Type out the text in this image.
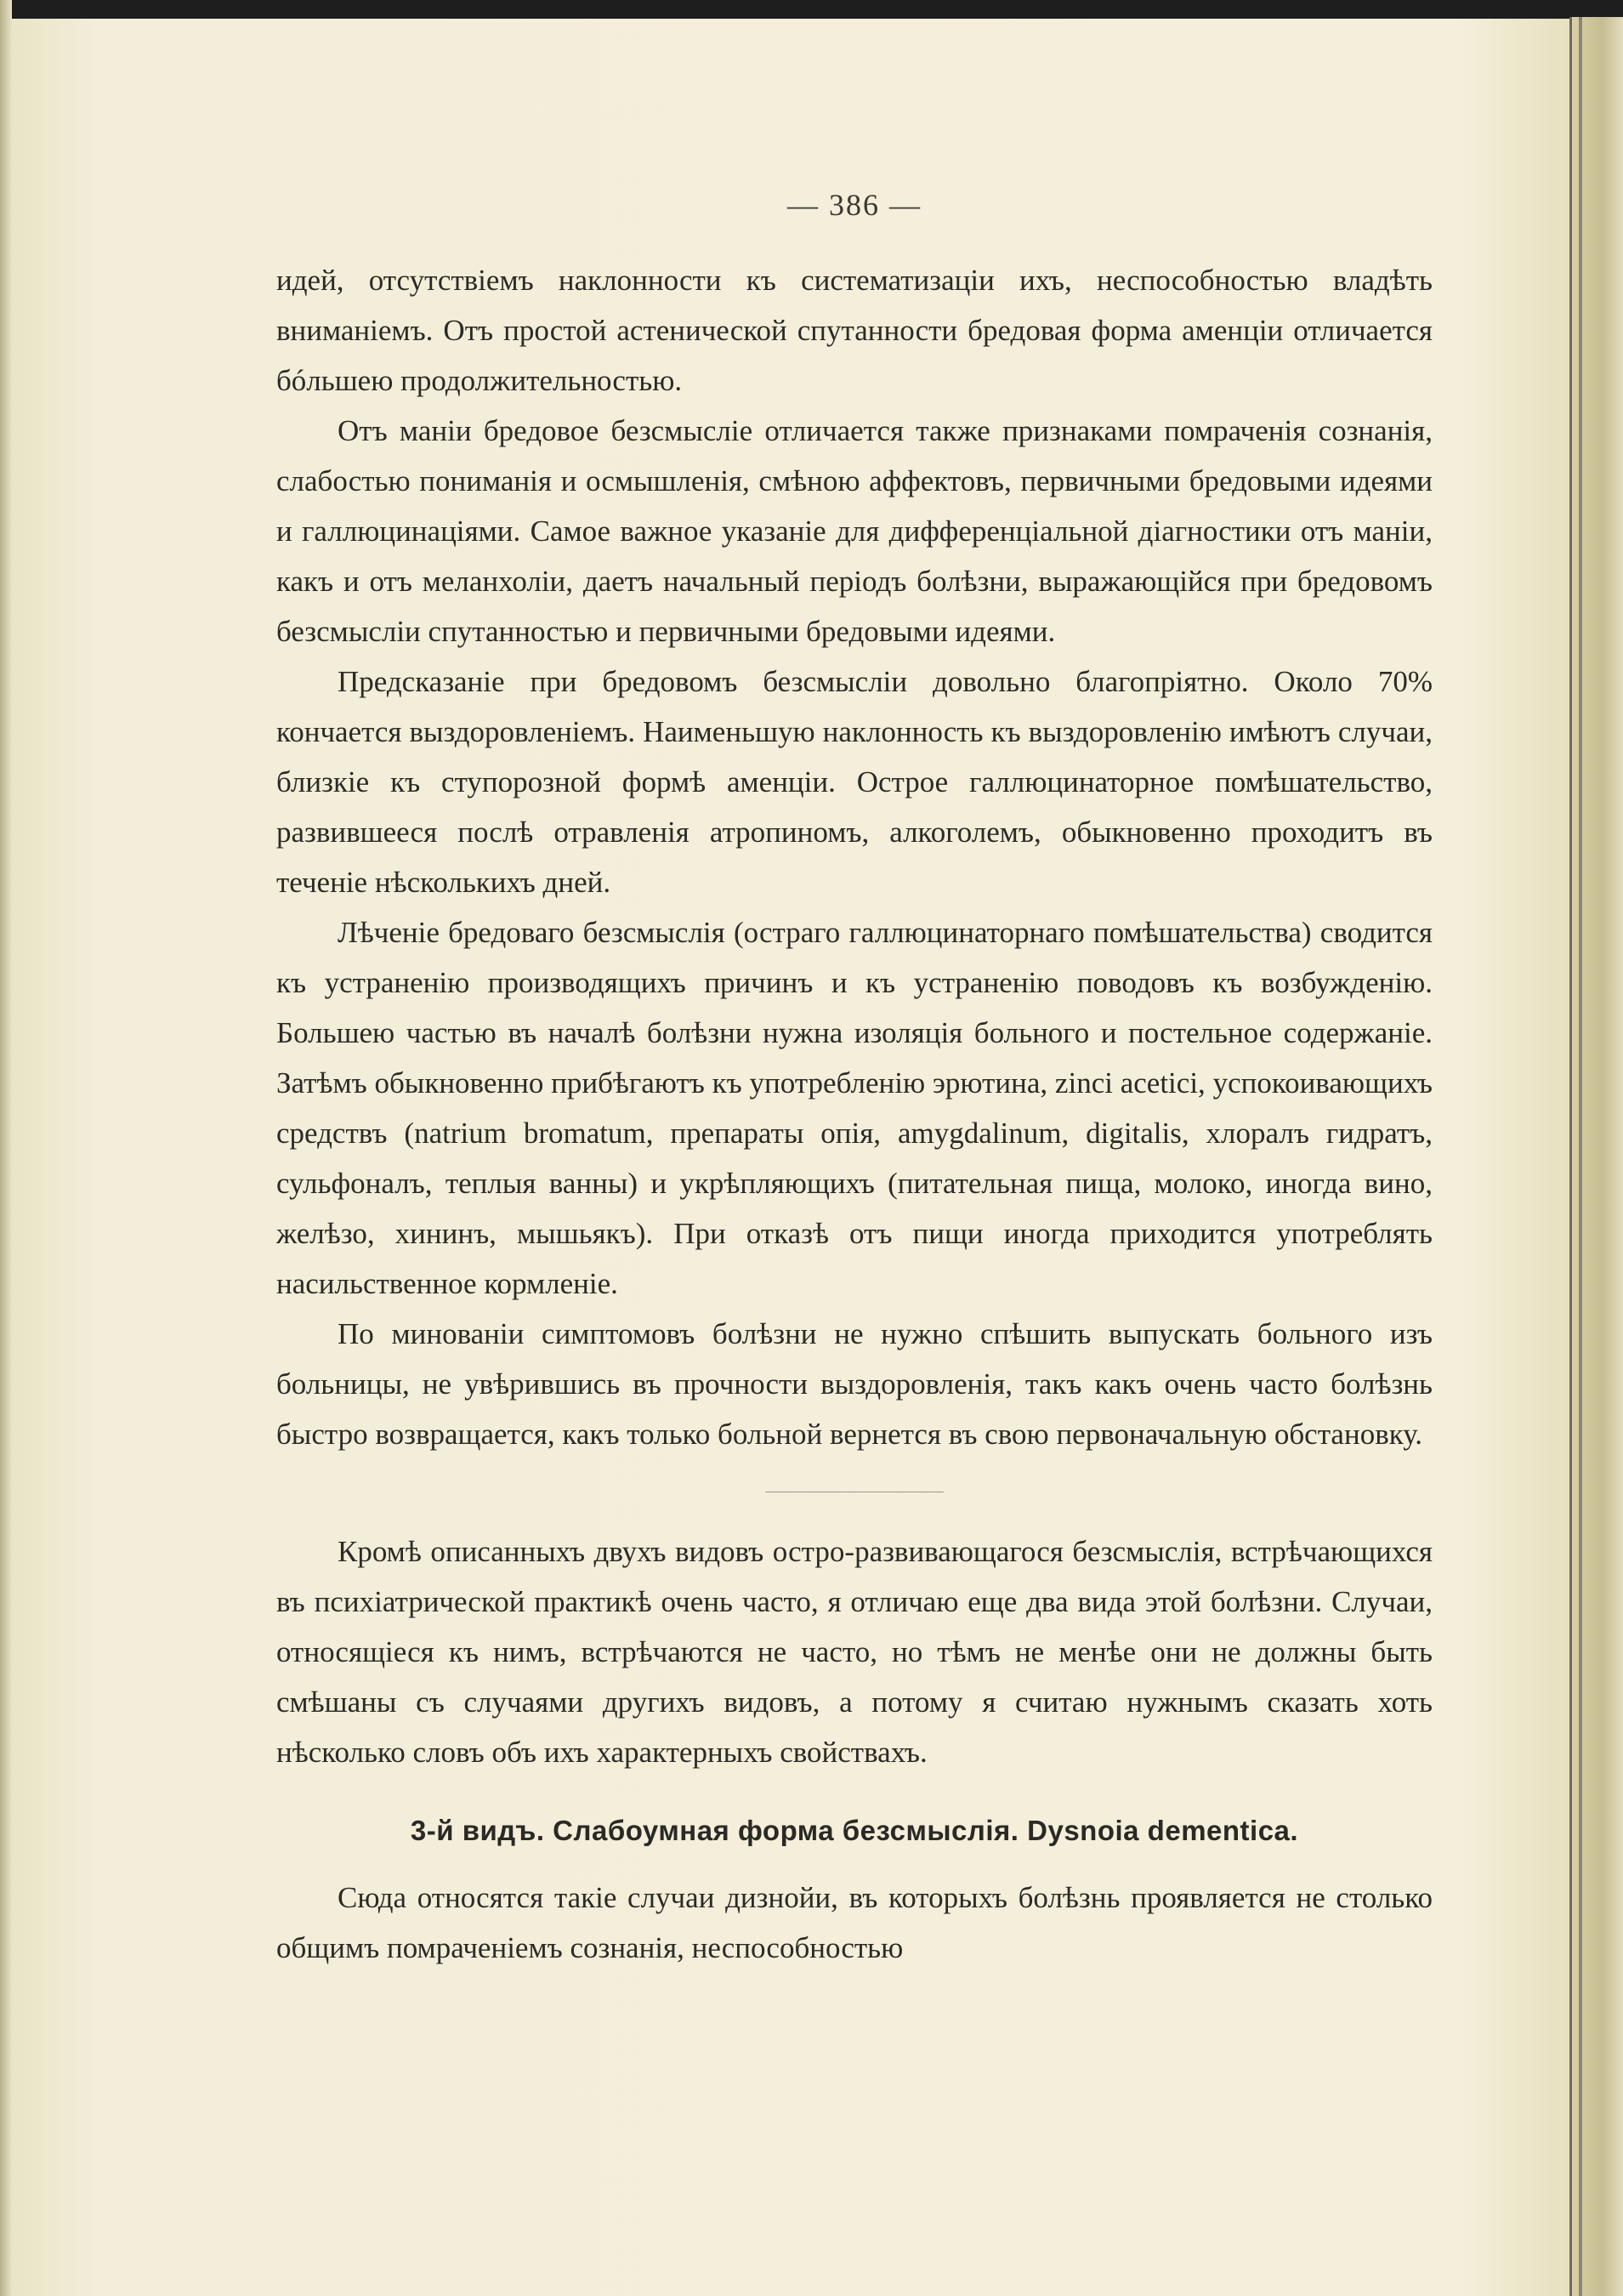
— 386 —

идей, отсутствіемъ наклонности къ систематизаціи ихъ, неспособностью владѣть вниманіемъ. Отъ простой астенической спутанности бредовая форма аменціи отличается бóльшею продолжительностью.

Отъ маніи бредовое безсмысліе отличается также признаками помраченія сознанія, слабостью пониманія и осмышленія, смѣною аффектовъ, первичными бредовыми идеями и галлюцинаціями. Самое важное указаніе для дифференціальной діагностики отъ маніи, какъ и отъ меланхоліи, даетъ начальный періодъ болѣзни, выражающійся при бредовомъ безсмысліи спутанностью и первичными бредовыми идеями.

Предсказаніе при бредовомъ безсмысліи довольно благопріятно. Около 70% кончается выздоровленіемъ. Наименьшую наклонность къ выздоровленію имѣютъ случаи, близкіе къ ступорозной формѣ аменціи. Острое галлюцинаторное помѣшательство, развившееся послѣ отравленія атропиномъ, алкоголемъ, обыкновенно проходитъ въ теченіе нѣсколькихъ дней.

Лѣченіе бредоваго безсмыслія (остраго галлюцинаторнаго помѣшательства) сводится къ устраненію производящихъ причинъ и къ устраненію поводовъ къ возбужденію. Большею частью въ началѣ болѣзни нужна изоляція больного и постельное содержаніе. Затѣмъ обыкновенно прибѣгаютъ къ употребленію эрютина, zinci acetici, успокоивающихъ средствъ (natrium bromatum, препараты опія, amygdalinum, digitalis, хлоралъ гидратъ, сульфоналъ, теплыя ванны) и укрѣпляющихъ (питательная пища, молоко, иногда вино, желѣзо, хининъ, мышьякъ). При отказѣ отъ пищи иногда приходится употреблять насильственное кормленіе.

По минованіи симптомовъ болѣзни не нужно спѣшить выпускать больного изъ больницы, не увѣрившись въ прочности выздоровленія, такъ какъ очень часто болѣзнь быстро возвращается, какъ только больной вернется въ свою первоначальную обстановку.

Кромѣ описанныхъ двухъ видовъ остро-развивающагося безсмыслія, встрѣчающихся въ психіатрической практикѣ очень часто, я отличаю еще два вида этой болѣзни. Случаи, относящіеся къ нимъ, встрѣчаются не часто, но тѣмъ не менѣе они не должны быть смѣшаны съ случаями другихъ видовъ, а потому я считаю нужнымъ сказать хоть нѣсколько словъ объ ихъ характерныхъ свойствахъ.

3-й видъ. Слабоумная форма безсмыслія. Dysnoia dementica.

Сюда относятся такіе случаи дизнойи, въ которыхъ болѣзнь проявляется не столько общимъ помраченіемъ сознанія, неспособностью
